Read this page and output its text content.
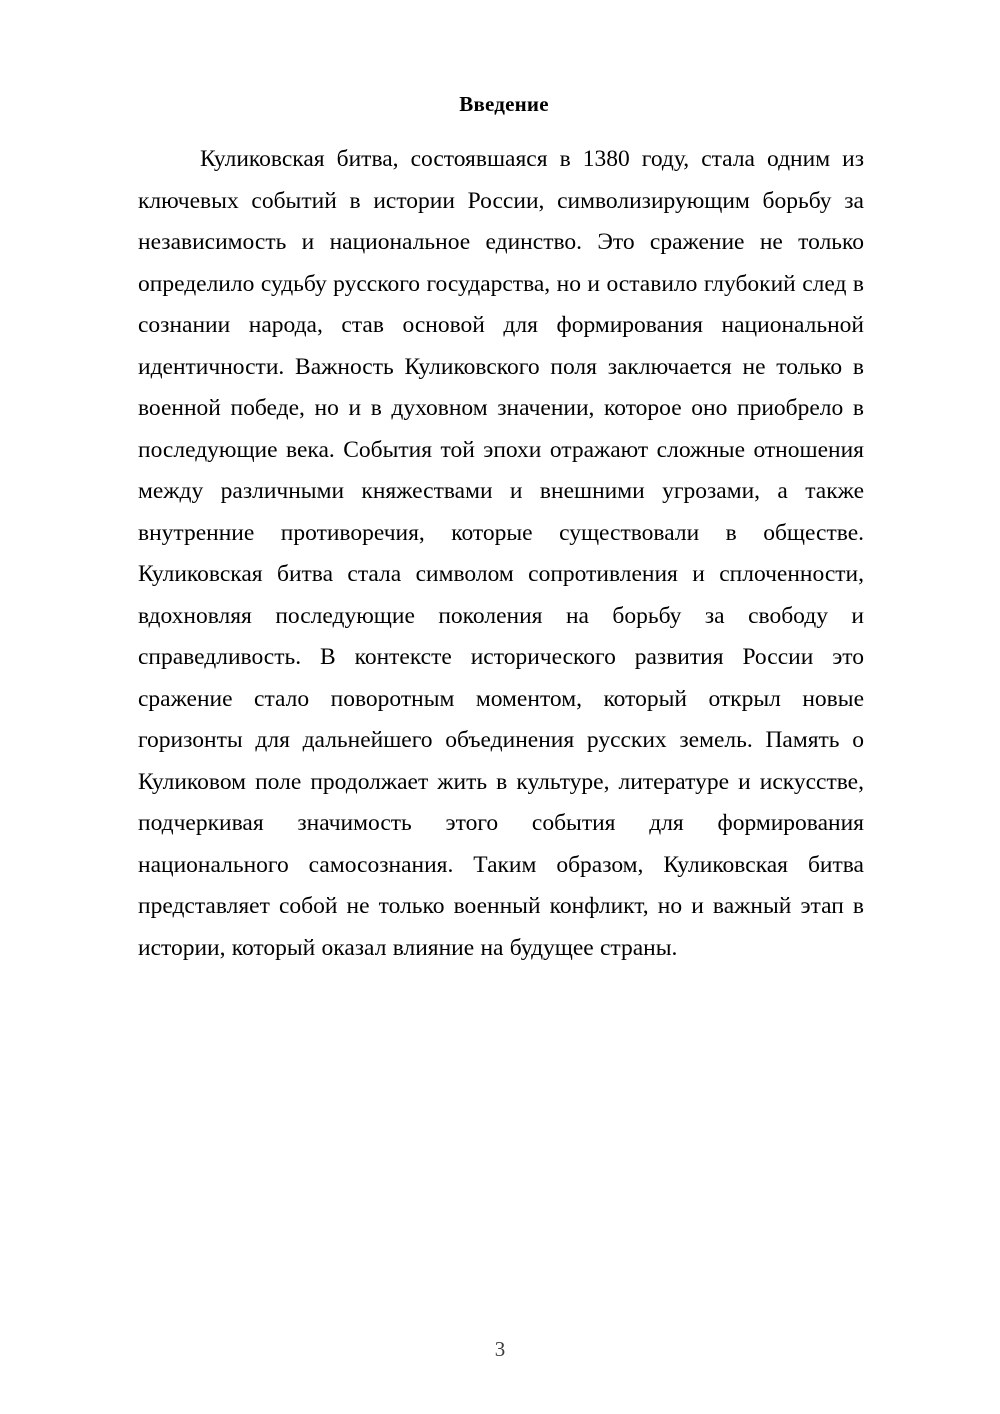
Введение

Куликовская битва, состоявшаяся в 1380 году, стала одним из ключевых событий в истории России, символизирующим борьбу за независимость и национальное единство. Это сражение не только определило судьбу русского государства, но и оставило глубокий след в сознании народа, став основой для формирования национальной идентичности. Важность Куликовского поля заключается не только в военной победе, но и в духовном значении, которое оно приобрело в последующие века. События той эпохи отражают сложные отношения между различными княжествами и внешними угрозами, а также внутренние противоречия, которые существовали в обществе. Куликовская битва стала символом сопротивления и сплоченности, вдохновляя последующие поколения на борьбу за свободу и справедливость. В контексте исторического развития России это сражение стало поворотным моментом, который открыл новые горизонты для дальнейшего объединения русских земель. Память о Куликовом поле продолжает жить в культуре, литературе и искусстве, подчеркивая значимость этого события для формирования национального самосознания. Таким образом, Куликовская битва представляет собой не только военный конфликт, но и важный этап в истории, который оказал влияние на будущее страны.

3
